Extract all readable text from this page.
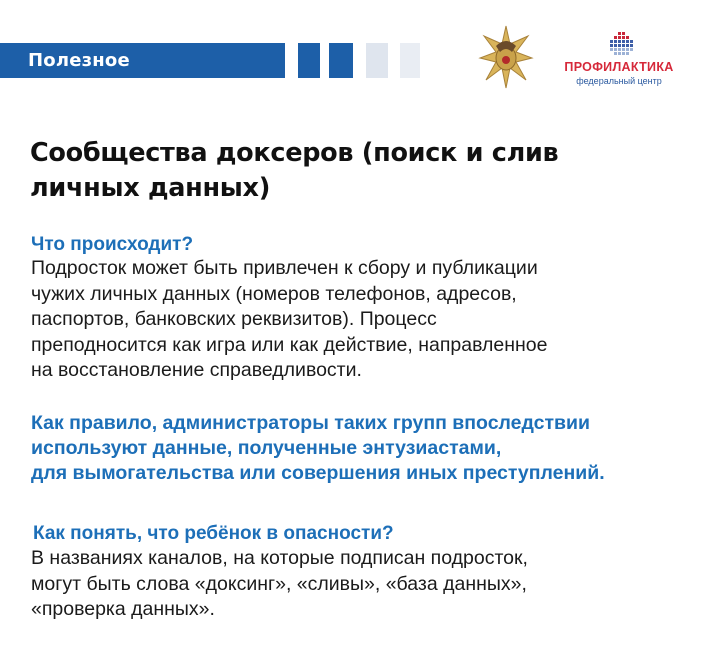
Полезное	ПРОФИЛАКТИКА
федеральный центр
Сообщества доксеров (поиск и слив
личных данных)
Что происходит?
Подросток может быть привлечен к сбору и публикации
чужих личных данных (номеров телефонов, адресов,
паспортов, банковских реквизитов). Процесс
преподносится как игра или как действие, направленное
на восстановление справедливости.
Как правило, администраторы таких групп впоследствии
используют данные, полученные энтузиастами,
для вымогательства или совершения иных преступлений.
Как понять, что ребёнок в опасности?
В названиях каналов, на которые подписан подросток,
могут быть слова «доксинг», «сливы», «база данных»,
«проверка данных».
